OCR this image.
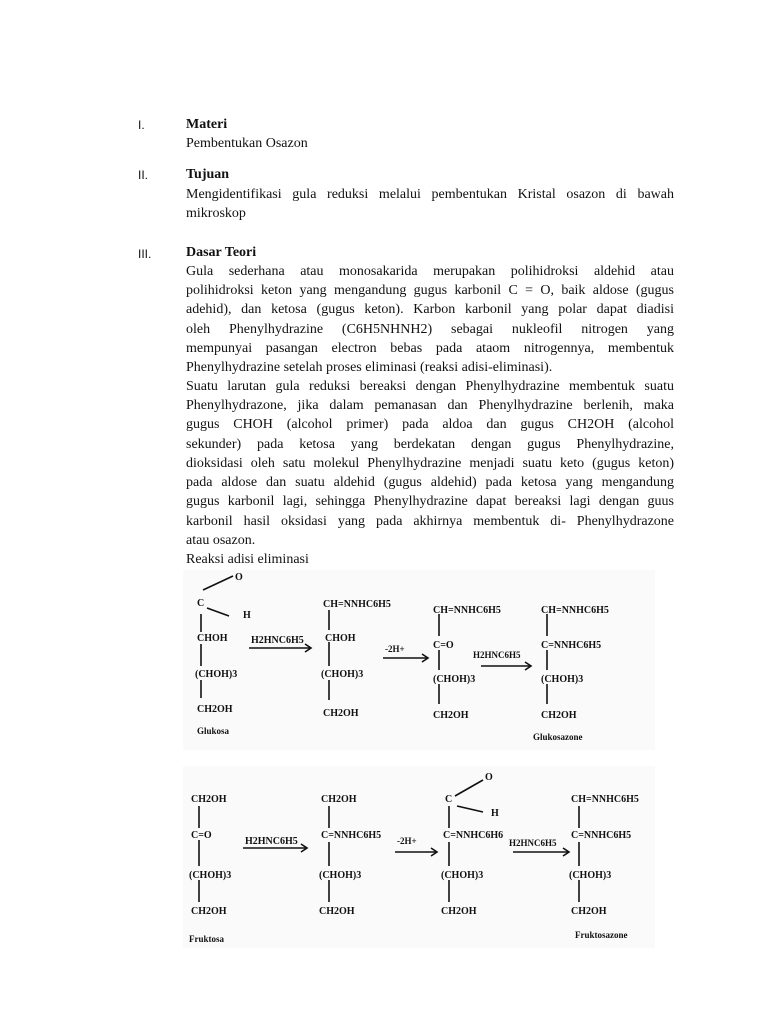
I.	Materi
Pembentukan Osazon
II.	Tujuan
Mengidentifikasi gula reduksi melalui pembentukan Kristal osazon di bawah
mikroskop
III. Dasar Teori
Gula sederhana atau monosakarida merupakan polihidroksi aldehid atau
polihidroksi keton yang mengandung gugus karbonil C = O, baik aldose (gugus
adehid), dan ketosa (gugus keton). Karbon karbonil yang polar dapat diadisi
oleh Phenylhydrazine (C6H5NHNH2) sebagai nukleofil nitrogen yang
mempunyai pasangan electron bebas pada ataom nitrogennya, membentuk
Phenylhydrazine setelah proses eliminasi (reaksi adisi-eliminasi).
Suatu larutan gula reduksi bereaksi dengan Phenylhydrazine membentuk suatu
Phenylhydrazone, jika dalam pemanasan dan Phenylhydrazine berlenih, maka
gugus CHOH (alcohol primer) pada aldoa dan gugus CH2OH (alcohol
sekunder) pada ketosa yang berdekatan dengan gugus Phenylhydrazine,
dioksidasi oleh satu molekul Phenylhydrazine menjadi suatu keto (gugus keton)
pada aldose dan suatu aldehid (gugus aldehid) pada ketosa yang mengandung
gugus karbonil lagi, sehingga Phenylhydrazine dapat bereaksi lagi dengan guus
karbonil hasil oksidasi yang pada akhirnya membentuk di- Phenylhydrazone
atau osazon.
Reaksi adisi eliminasi
O
C
H
CHOH
(CHOH)3
CH2OH
Glukosa
H2HNC6H5
CH=NNHC6H5
CHOH
(CHOH)3
CH2OH
-2H+
CH=NNHC6H5
C=O
(CHOH)3
CH2OH
H2HNC6H5
CH=NNHC6H5
C=NNHC6H5
(CHOH)3
CH2OH
Glukosazone
CH2OH
C=O
(CHOH)3
CH2OH
Fruktosa
H2HNC6H5
CH2OH
C=NNHC6H5
(CHOH)3
CH2OH
-2H+
O
C
H
C=NNHC6H6
(CHOH)3
CH2OH
H2HNC6H5
CH=NNHC6H5
C=NNHC6H5
(CHOH)3
CH2OH
Fruktosazone
